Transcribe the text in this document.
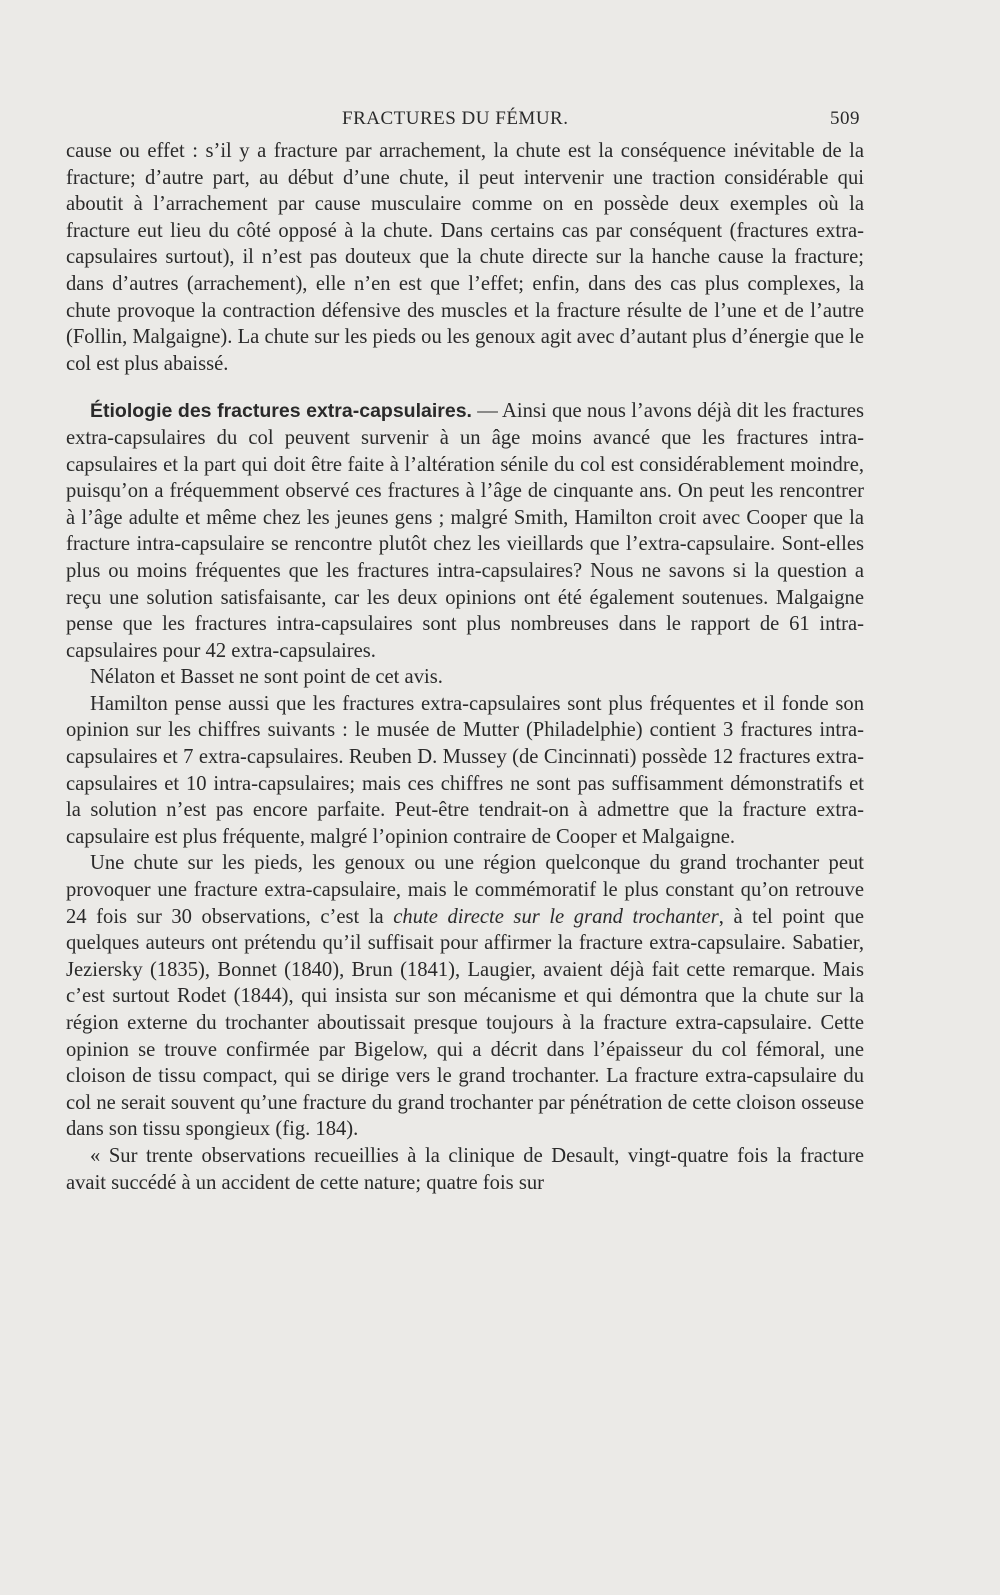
FRACTURES DU FÉMUR.	509

cause ou effet : s’il y a fracture par arrachement, la chute est la conséquence inévitable de la fracture; d’autre part, au début d’une chute, il peut intervenir une traction considérable qui aboutit à l’arrachement par cause musculaire comme on en possède deux exemples où la fracture eut lieu du côté opposé à la chute. Dans certains cas par conséquent (fractures extra-capsulaires surtout), il n’est pas douteux que la chute directe sur la hanche cause la fracture; dans d’autres (arrachement), elle n’en est que l’effet; enfin, dans des cas plus complexes, la chute provoque la contraction défensive des muscles et la fracture résulte de l’une et de l’autre (Follin, Malgaigne). La chute sur les pieds ou les genoux agit avec d’autant plus d’énergie que le col est plus abaissé.

Étiologie des fractures extra-capsulaires. — Ainsi que nous l’avons déjà dit les fractures extra-capsulaires du col peuvent survenir à un âge moins avancé que les fractures intra-capsulaires et la part qui doit être faite à l’altération sénile du col est considérablement moindre, puisqu’on a fréquemment observé ces fractures à l’âge de cinquante ans. On peut les rencontrer à l’âge adulte et même chez les jeunes gens ; malgré Smith, Hamilton croit avec Cooper que la fracture intra-capsulaire se rencontre plutôt chez les vieillards que l’extra-capsulaire. Sont-elles plus ou moins fréquentes que les fractures intra-capsulaires? Nous ne savons si la question a reçu une solution satisfaisante, car les deux opinions ont été également soutenues. Malgaigne pense que les fractures intra-capsulaires sont plus nombreuses dans le rapport de 61 intra-capsulaires pour 42 extra-capsulaires.

Nélaton et Basset ne sont point de cet avis.

Hamilton pense aussi que les fractures extra-capsulaires sont plus fréquentes et il fonde son opinion sur les chiffres suivants : le musée de Mutter (Philadelphie) contient 3 fractures intra-capsulaires et 7 extra-capsulaires. Reuben D. Mussey (de Cincinnati) possède 12 fractures extra-capsulaires et 10 intra-capsulaires; mais ces chiffres ne sont pas suffisamment démonstratifs et la solution n’est pas encore parfaite. Peut-être tendrait-on à admettre que la fracture extra-capsulaire est plus fréquente, malgré l’opinion contraire de Cooper et Malgaigne.

Une chute sur les pieds, les genoux ou une région quelconque du grand trochanter peut provoquer une fracture extra-capsulaire, mais le commémoratif le plus constant qu’on retrouve 24 fois sur 30 observations, c’est la chute directe sur le grand trochanter, à tel point que quelques auteurs ont prétendu qu’il suffisait pour affirmer la fracture extra-capsulaire. Sabatier, Jeziersky (1835), Bonnet (1840), Brun (1841), Laugier, avaient déjà fait cette remarque. Mais c’est surtout Rodet (1844), qui insista sur son mécanisme et qui démontra que la chute sur la région externe du trochanter aboutissait presque toujours à la fracture extra-capsulaire. Cette opinion se trouve confirmée par Bigelow, qui a décrit dans l’épaisseur du col fémoral, une cloison de tissu compact, qui se dirige vers le grand trochanter. La fracture extra-capsulaire du col ne serait souvent qu’une fracture du grand trochanter par pénétration de cette cloison osseuse dans son tissu spongieux (fig. 184).

« Sur trente observations recueillies à la clinique de Desault, vingt-quatre fois la fracture avait succédé à un accident de cette nature; quatre fois sur
